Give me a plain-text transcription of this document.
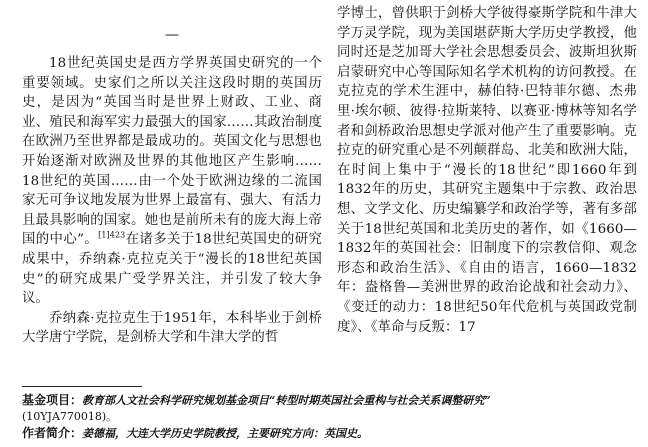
—

18世纪英国史是西方学界英国史研究的一个重要领域。史家们之所以关注这段时期的英国历史，是因为“英国当时是世界上财政、工业、商业、殖民和海军实力最强大的国家……其政治制度在欧洲乃至世界都是最成功的。英国文化与思想也开始逐渐对欧洲及世界的其他地区产生影响……18世纪的英国……由一个处于欧洲边缘的二流国家无可争议地发展为世界上最富有、强大、有活力且最具影响的国家。她也是前所未有的庞大海上帝国的中心”。$^{[1]423}$在诸多关于18世纪英国史的研究成果中，乔纳森·克拉克关于“漫长的18世纪英国史”的研究成果广受学界关注，并引发了较大争议。

乔纳森·克拉克生于1951年，本科毕业于剑桥大学唐宁学院，是剑桥大学和牛津大学的哲

学博士，曾供职于剑桥大学彼得豪斯学院和牛津大学万灵学院，现为美国堪萨斯大学历史学教授，他同时还是芝加哥大学社会思想委员会、波斯坦狄斯启蒙研究中心等国际知名学术机构的访问教授。在克拉克的学术生涯中，赫伯特·巴特菲尔德、杰弗里·埃尔顿、彼得·拉斯莱特、以赛亚·博林等知名学者和剑桥政治思想史学派对他产生了重要影响。克拉克的研究重心是不列颠群岛、北美和欧洲大陆，在时间上集中于“漫长的18世纪”即1660年到1832年的历史，其研究主题集中于宗教、政治思想、文学文化、历史编纂学和政治学等，著有多部关于18世纪英国和北美历史的著作，如《1660—1832年的英国社会：旧制度下的宗教信仰、观念形态和政治生活》、《自由的语言，1660—1832年：盎格鲁—美洲世界的政治论战和社会动力》、《变迁的动力：18世纪50年代危机与英国政党制度》、《革命与反叛：17

基金项目：教育部人文社会科学研究规划基金项目“转型时期英国社会重构与社会关系调整研究”

(10YJA770018)。

作者简介：姜德福，大连大学历史学院教授，主要研究方向：英国史。
